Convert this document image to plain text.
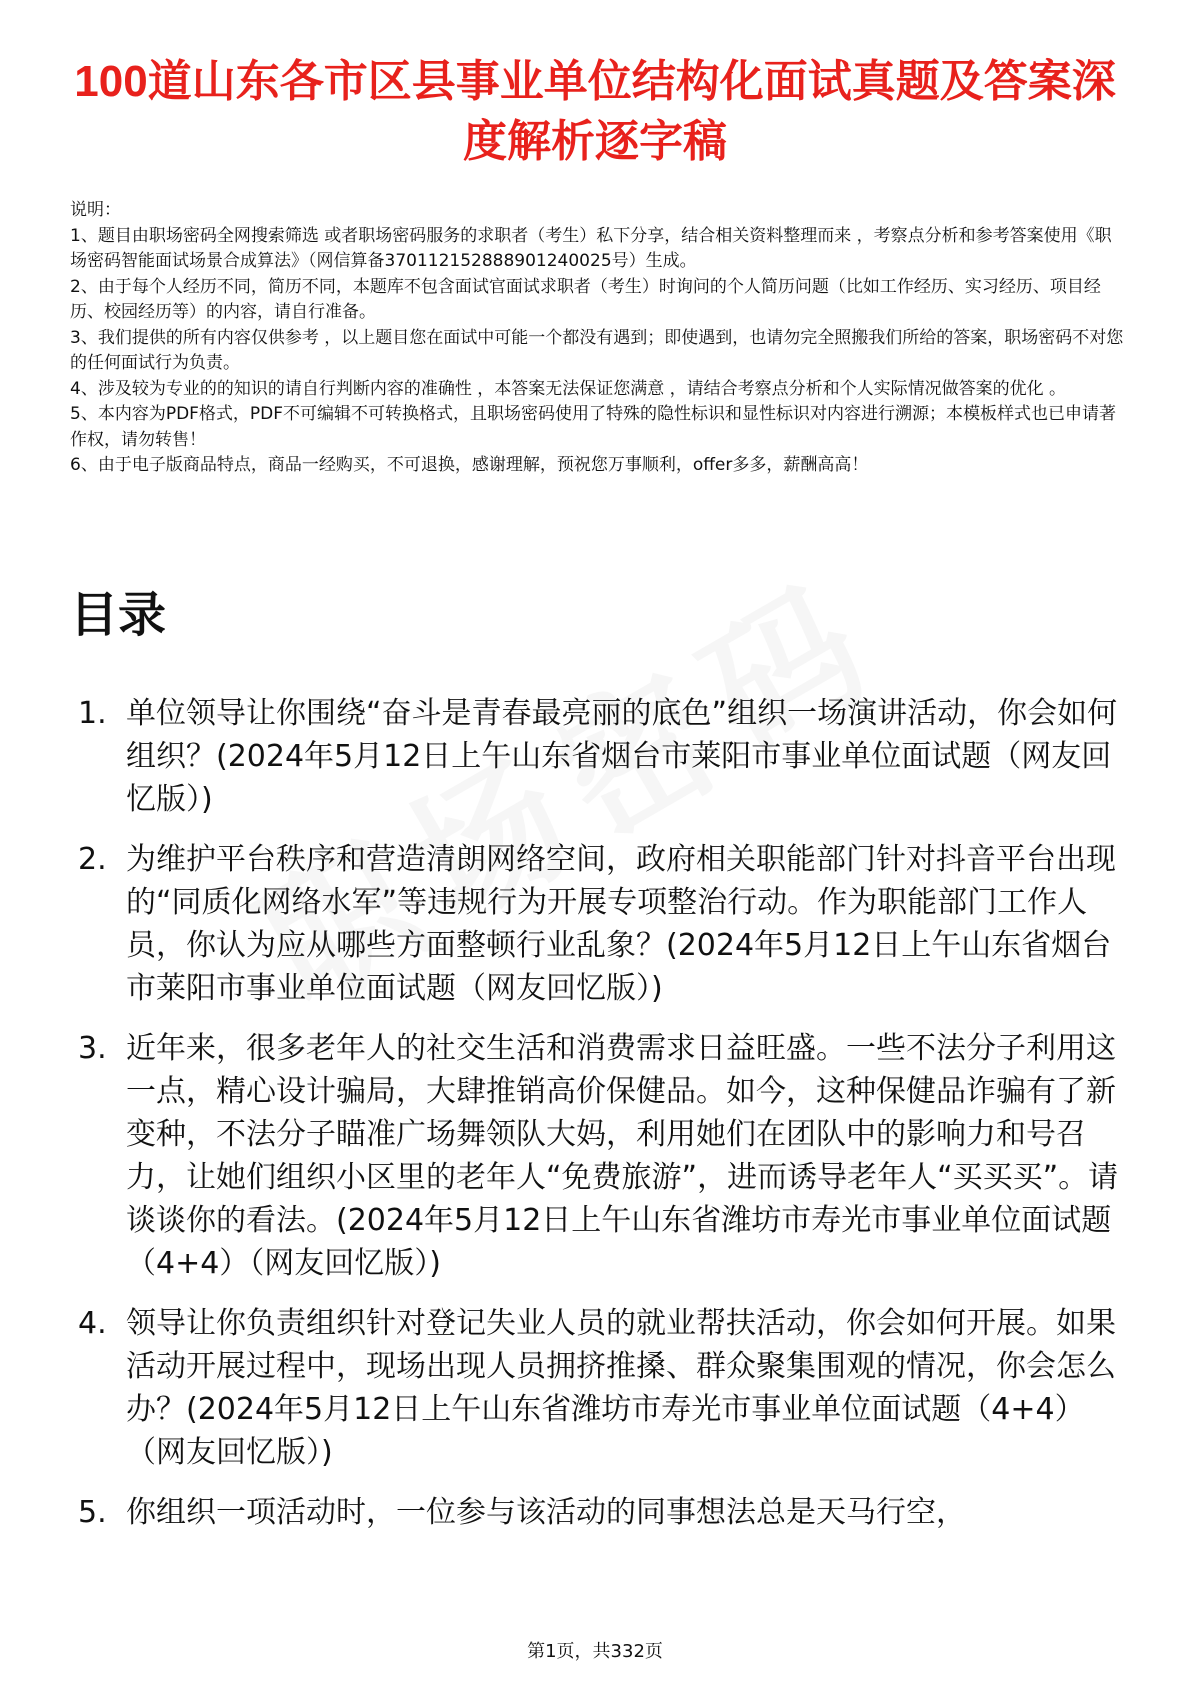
100道山东各市区县事业单位结构化面试真题及答案深度解析逐字稿

说明：

1、题目由职场密码全网搜索筛选 或者职场密码服务的求职者（考生）私下分享，结合相关资料整理而来 ，考察点分析和参考答案使用《职场密码智能面试场景合成算法》（网信算备370112152888901240025号）生成。

2、由于每个人经历不同，简历不同，本题库不包含面试官面试求职者（考生）时询问的个人简历问题（比如工作经历、实习经历、项目经历、校园经历等）的内容，请自行准备。

3、我们提供的所有内容仅供参考 ，以上题目您在面试中可能一个都没有遇到；即使遇到，也请勿完全照搬我们所给的答案，职场密码不对您的任何面试行为负责。

4、涉及较为专业的的知识的请自行判断内容的准确性 ，本答案无法保证您满意 ，请结合考察点分析和个人实际情况做答案的优化 。

5、本内容为PDF格式，PDF不可编辑不可转换格式，且职场密码使用了特殊的隐性标识和显性标识对内容进行溯源；本模板样式也已申请著作权，请勿转售！

6、由于电子版商品特点，商品一经购买，不可退换，感谢理解，预祝您万事顺利，offer多多，薪酬高高！

目录
1. 单位领导让你围绕“奋斗是青春最亮丽的底色”组织一场演讲活动，你会如何组织？(2024年5月12日上午山东省烟台市莱阳市事业单位面试题（网友回忆版）)
2. 为维护平台秩序和营造清朗网络空间，政府相关职能部门针对抖音平台出现的“同质化网络水军”等违规行为开展专项整治行动。作为职能部门工作人员，你认为应从哪些方面整顿行业乱象？(2024年5月12日上午山东省烟台市莱阳市事业单位面试题（网友回忆版）)
3. 近年来，很多老年人的社交生活和消费需求日益旺盛。一些不法分子利用这一点，精心设计骗局，大肆推销高价保健品。如今，这种保健品诈骗有了新变种，不法分子瞄准广场舞领队大妈，利用她们在团队中的影响力和号召力，让她们组织小区里的老年人“免费旅游”，进而诱导老年人“买买买”。请谈谈你的看法。(2024年5月12日上午山东省潍坊市寿光市事业单位面试题（4+4）（网友回忆版）)
4. 领导让你负责组织针对登记失业人员的就业帮扶活动，你会如何开展。如果活动开展过程中，现场出现人员拥挤推搡、群众聚集围观的情况，你会怎么办？(2024年5月12日上午山东省潍坊市寿光市事业单位面试题（4+4）（网友回忆版）)
5. 你组织一项活动时，一位参与该活动的同事想法总是天马行空，
第1页，共332页
